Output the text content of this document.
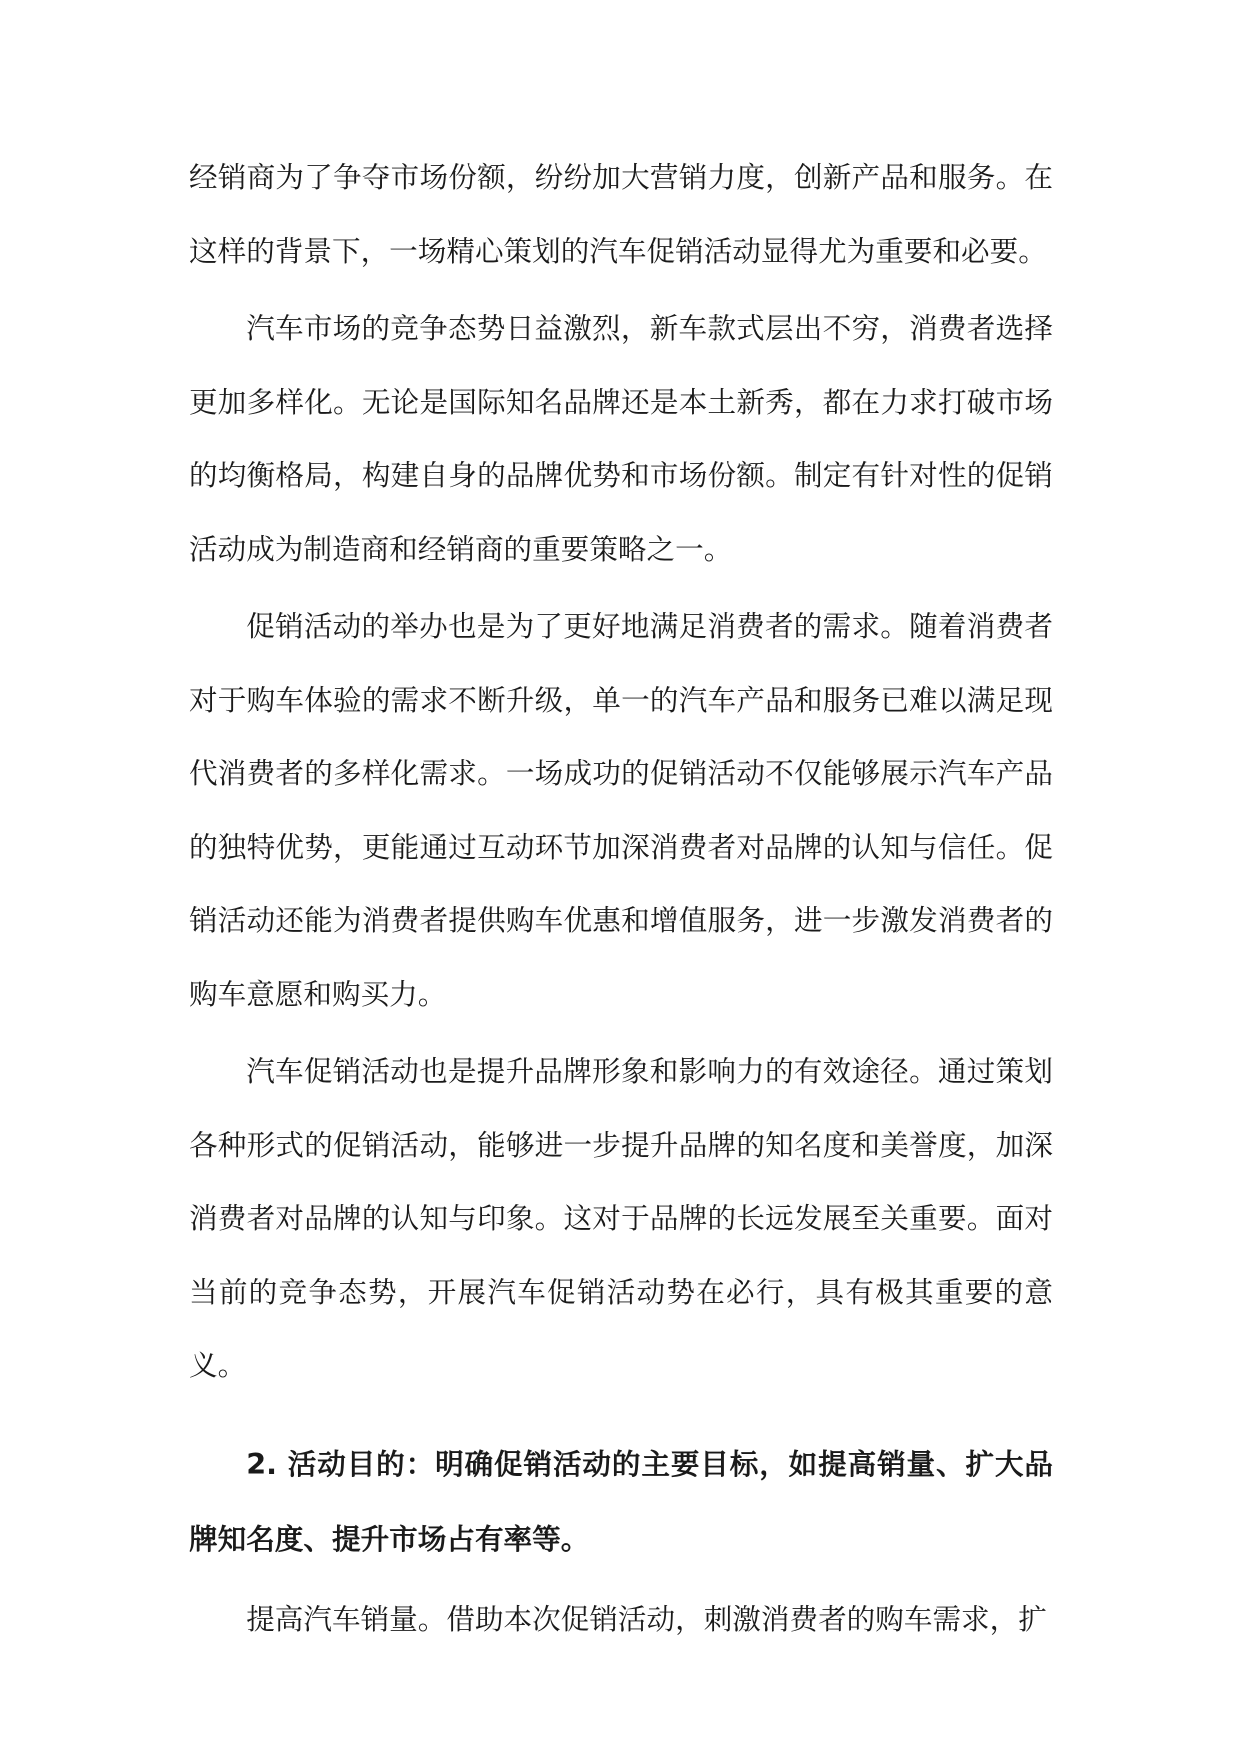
经销商为了争夺市场份额，纷纷加大营销力度，创新产品和服务。在这样的背景下，一场精心策划的汽车促销活动显得尤为重要和必要。

汽车市场的竞争态势日益激烈，新车款式层出不穷，消费者选择更加多样化。无论是国际知名品牌还是本土新秀，都在力求打破市场的均衡格局，构建自身的品牌优势和市场份额。制定有针对性的促销活动成为制造商和经销商的重要策略之一。

促销活动的举办也是为了更好地满足消费者的需求。随着消费者对于购车体验的需求不断升级，单一的汽车产品和服务已难以满足现代消费者的多样化需求。一场成功的促销活动不仅能够展示汽车产品的独特优势，更能通过互动环节加深消费者对品牌的认知与信任。促销活动还能为消费者提供购车优惠和增值服务，进一步激发消费者的购车意愿和购买力。

汽车促销活动也是提升品牌形象和影响力的有效途径。通过策划各种形式的促销活动，能够进一步提升品牌的知名度和美誉度，加深消费者对品牌的认知与印象。这对于品牌的长远发展至关重要。面对当前的竞争态势，开展汽车促销活动势在必行，具有极其重要的意义。

2. 活动目的：明确促销活动的主要目标，如提高销量、扩大品牌知名度、提升市场占有率等。

提高汽车销量。借助本次促销活动，刺激消费者的购车需求，扩
